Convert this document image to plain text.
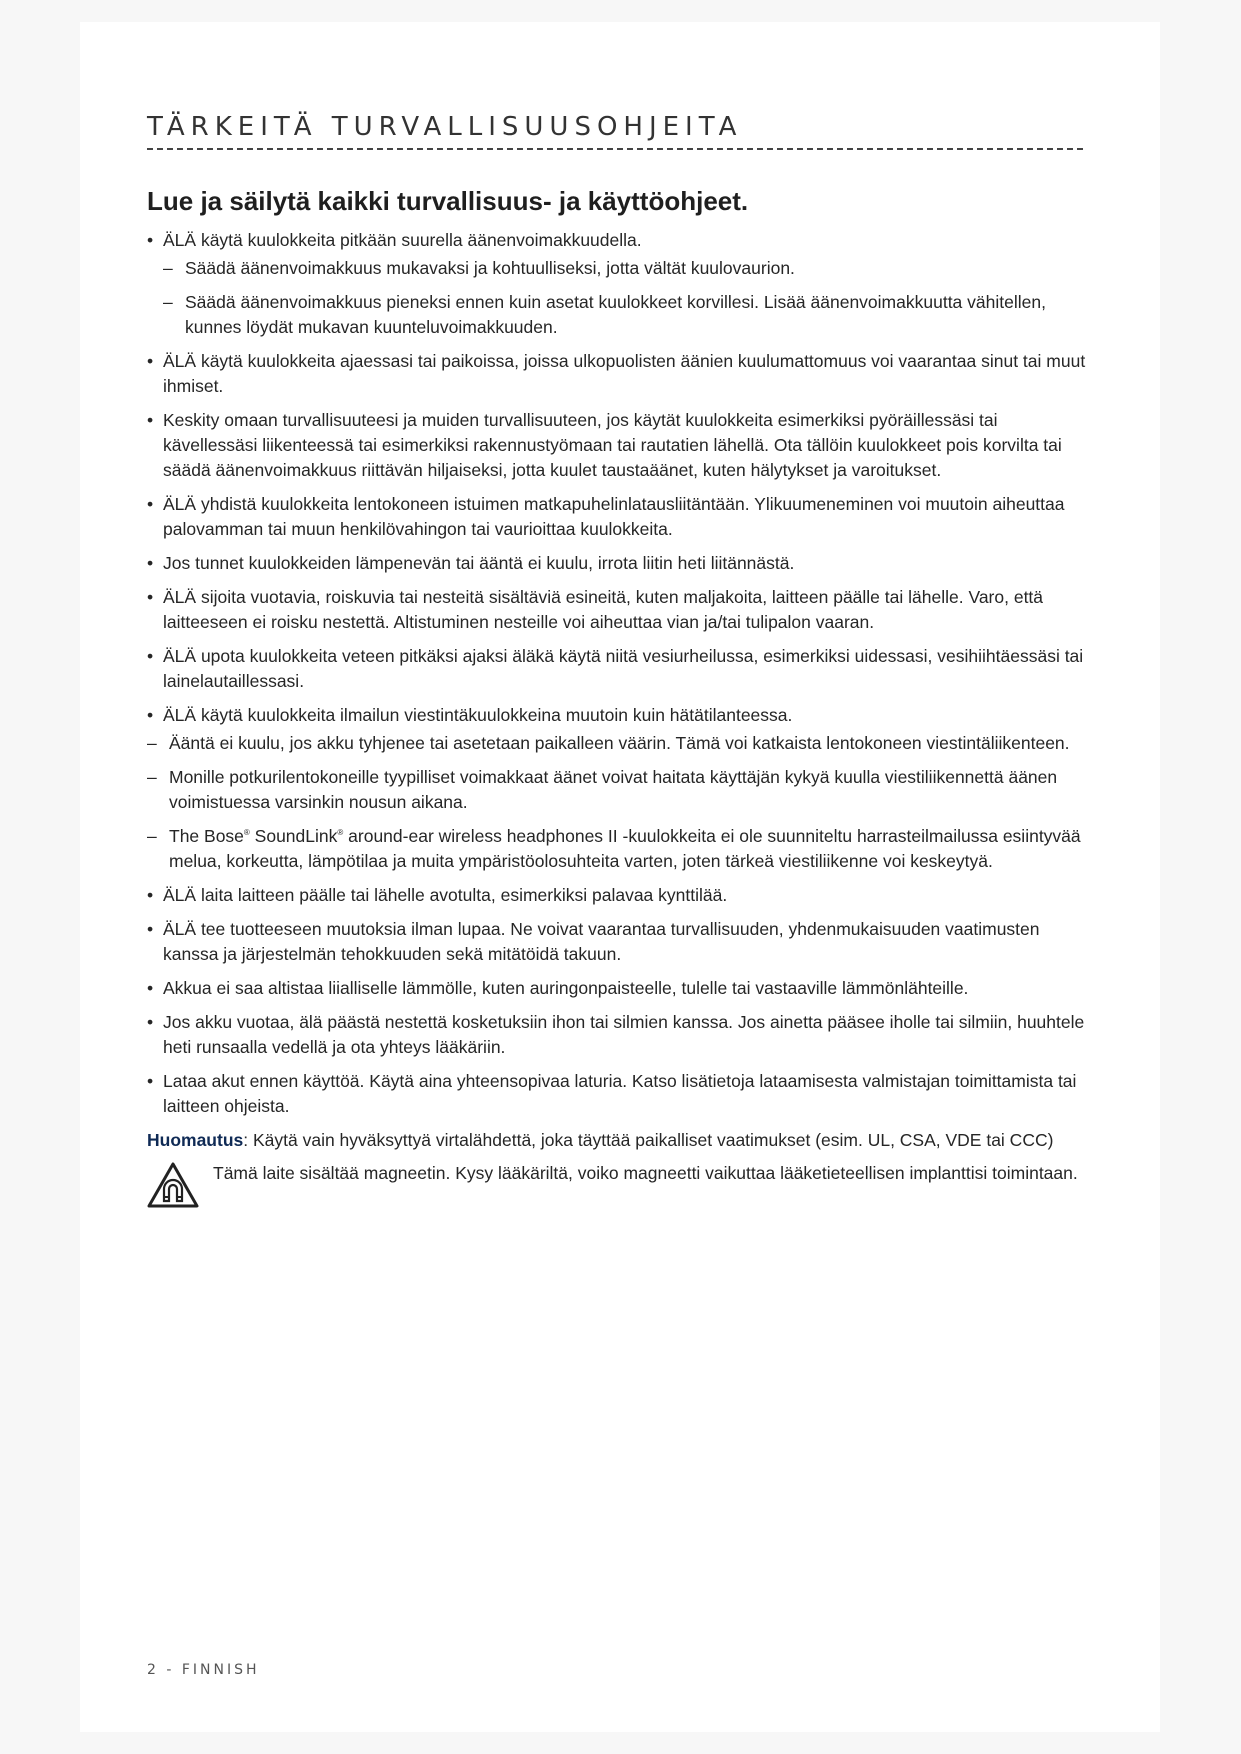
TÄRKEITÄ TURVALLISUUSOHJEITA
Lue ja säilytä kaikki turvallisuus- ja käyttöohjeet.
• ÄLÄ käytä kuulokkeita pitkään suurella äänenvoimakkuudella.
– Säädä äänenvoimakkuus mukavaksi ja kohtuulliseksi, jotta vältät kuulovaurion.
– Säädä äänenvoimakkuus pieneksi ennen kuin asetat kuulokkeet korvillesi. Lisää äänenvoimakkuutta vähitellen, kunnes löydät mukavan kuunteluvoimakkuuden.
• ÄLÄ käytä kuulokkeita ajaessasi tai paikoissa, joissa ulkopuolisten äänien kuulumattomuus voi vaarantaa sinut tai muut ihmiset.
• Keskity omaan turvallisuuteesi ja muiden turvallisuuteen, jos käytät kuulokkeita esimerkiksi pyöräillessäsi tai kävellessäsi liikenteessä tai esimerkiksi rakennustyömaan tai rautatien lähellä. Ota tällöin kuulokkeet pois korvilta tai säädä äänenvoimakkuus riittävän hiljaiseksi, jotta kuulet taustaäänet, kuten hälytykset ja varoitukset.
• ÄLÄ yhdistä kuulokkeita lentokoneen istuimen matkapuhelinlatausliitäntään. Ylikuumeneminen voi muutoin aiheuttaa palovamman tai muun henkilövahingon tai vaurioittaa kuulokkeita.
• Jos tunnet kuulokkeiden lämpenevän tai ääntä ei kuulu, irrota liitin heti liitännästä.
• ÄLÄ sijoita vuotavia, roiskuvia tai nesteitä sisältäviä esineitä, kuten maljakoita, laitteen päälle tai lähelle. Varo, että laitteeseen ei roisku nestettä. Altistuminen nesteille voi aiheuttaa vian ja/tai tulipalon vaaran.
• ÄLÄ upota kuulokkeita veteen pitkäksi ajaksi äläkä käytä niitä vesiurheilussa, esimerkiksi uidessasi, vesihiihtäessäsi tai lainelautaillessasi.
• ÄLÄ käytä kuulokkeita ilmailun viestintäkuulokkeina muutoin kuin hätätilanteessa.
– Ääntä ei kuulu, jos akku tyhjenee tai asetetaan paikalleen väärin. Tämä voi katkaista lentokoneen viestintäliikenteen.
– Monille potkurilentokoneille tyypilliset voimakkaat äänet voivat haitata käyttäjän kykyä kuulla viestiliikennettä äänen voimistuessa varsinkin nousun aikana.
– The Bose® SoundLink® around-ear wireless headphones II -kuulokkeita ei ole suunniteltu harrasteilmailussa esiintyvää melua, korkeutta, lämpötilaa ja muita ympäristöolosuhteita varten, joten tärkeä viestiliikenne voi keskeytyä.
• ÄLÄ laita laitteen päälle tai lähelle avotulta, esimerkiksi palavaa kynttilää.
• ÄLÄ tee tuotteeseen muutoksia ilman lupaa. Ne voivat vaarantaa turvallisuuden, yhdenmukaisuuden vaatimusten kanssa ja järjestelmän tehokkuuden sekä mitätöidä takuun.
• Akkua ei saa altistaa liialliselle lämmölle, kuten auringonpaisteelle, tulelle tai vastaaville lämmönlähteille.
• Jos akku vuotaa, älä päästä nestettä kosketuksiin ihon tai silmien kanssa. Jos ainetta pääsee iholle tai silmiin, huuhtele heti runsaalla vedellä ja ota yhteys lääkäriin.
• Lataa akut ennen käyttöä. Käytä aina yhteensopivaa laturia. Katso lisätietoja lataamisesta valmistajan toimittamista tai laitteen ohjeista.
Huomautus: Käytä vain hyväksyttyä virtalähdettä, joka täyttää paikalliset vaatimukset (esim. UL, CSA, VDE tai CCC)
Tämä laite sisältää magneetin. Kysy lääkäriltä, voiko magneetti vaikuttaa lääketieteellisen implanttisi toimintaan.
2 - FINNISH
